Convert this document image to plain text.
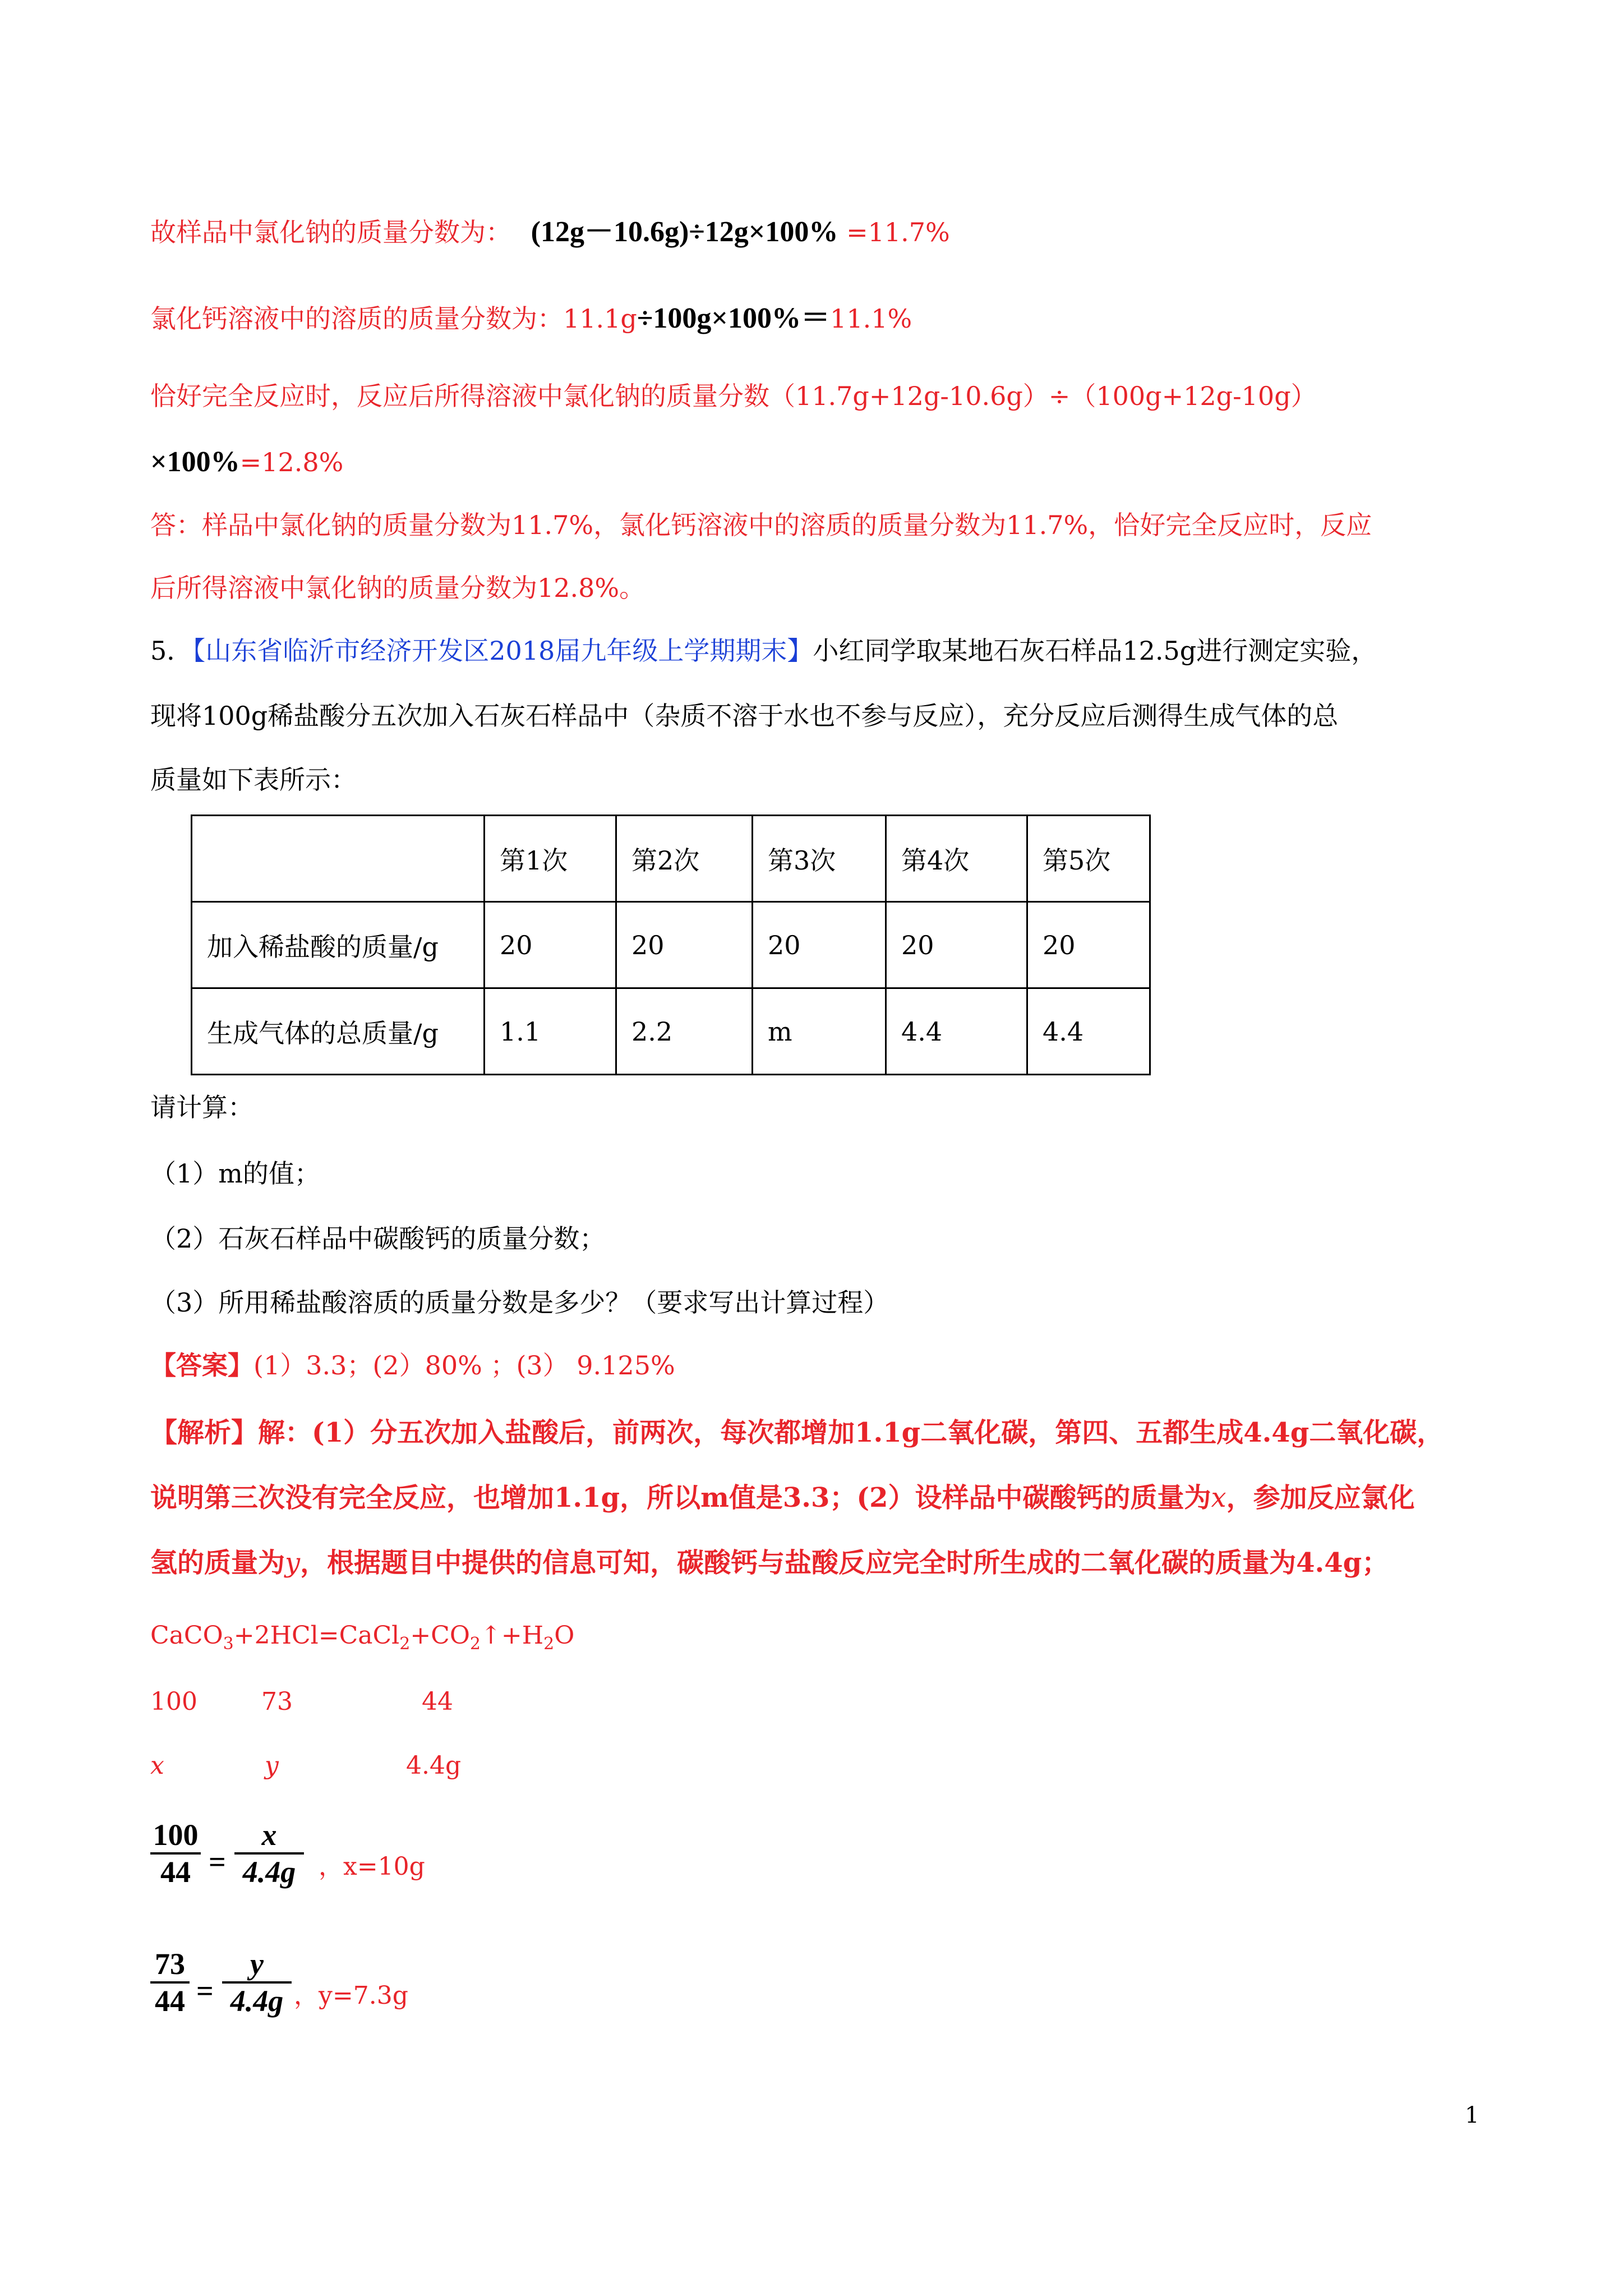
故样品中氯化钠的质量分数为： (12g－10.6g)÷12g×100% =11.7%
氯化钙溶液中的溶质的质量分数为：11.1g÷100g×100%＝11.1%
恰好完全反应时，反应后所得溶液中氯化钠的质量分数（11.7g+12g-10.6g）÷（100g+12g-10g）
×100%=12.8%
答：样品中氯化钠的质量分数为11.7%，氯化钙溶液中的溶质的质量分数为11.7%，恰好完全反应时，反应
后所得溶液中氯化钠的质量分数为12.8%。
5．【山东省临沂市经济开发区2018届九年级上学期期末】小红同学取某地石灰石样品12.5g进行测定实验，
现将100g稀盐酸分五次加入石灰石样品中（杂质不溶于水也不参与反应），充分反应后测得生成气体的总
质量如下表所示：
	第1次	第2次	第3次	第4次	第5次
加入稀盐酸的质量/g	20	20	20	20	20
生成气体的总质量/g	1.1	2.2	m	4.4	4.4
请计算：
（1）m的值；
（2）石灰石样品中碳酸钙的质量分数；
（3）所用稀盐酸溶质的质量分数是多少？（要求写出计算过程）
【答案】(1）3.3；(2）80% ；(3） 9.125%
【解析】解：(1）分五次加入盐酸后，前两次，每次都增加1.1g二氧化碳，第四、五都生成4.4g二氧化碳，
说明第三次没有完全反应，也增加1.1g，所以m值是3.3；(2）设样品中碳酸钙的质量为x，参加反应氯化
氢的质量为y，根据题目中提供的信息可知，碳酸钙与盐酸反应完全时所生成的二氧化碳的质量为4.4g；
$CaCO_3+2HCl=CaCl_2+CO_2↑+H_2O$
100	73	44
x	y	4.4g
100
44 =
x
4.4g ，x=10g
73
44 =
y
4.4g ，y=7.3g
1
